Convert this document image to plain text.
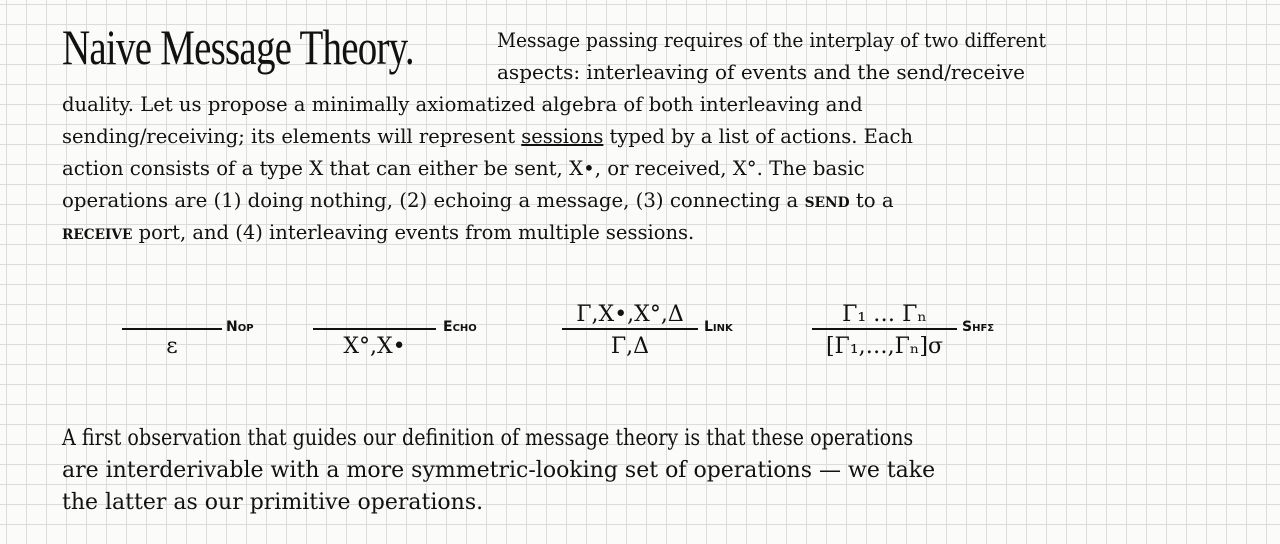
Naive Message Theory.	Message passing requires of the interplay of two different
aspects: interleaving of events and the send/receive
duality. Let us propose a minimally axiomatized algebra of both interleaving and
sending/receiving; its elements will represent sessions typed by a list of actions. Each
action consists of a type X that can either be sent, X•, or received, X°. The basic
operations are (1) doing nothing, (2) echoing a message, (3) connecting a send to a
receive port, and (4) interleaving events from multiple sessions.
ε
Nop
X°,X•
Echo	Γ,X•,X°,Δ
Γ,Δ
Link	Γ₁ … Γₙ
[Γ₁,…,Γₙ]σ
Shfσ
A first observation that guides our definition of message theory is that these operations
are interderivable with a more symmetric-looking set of operations — we take
the latter as our primitive operations.
